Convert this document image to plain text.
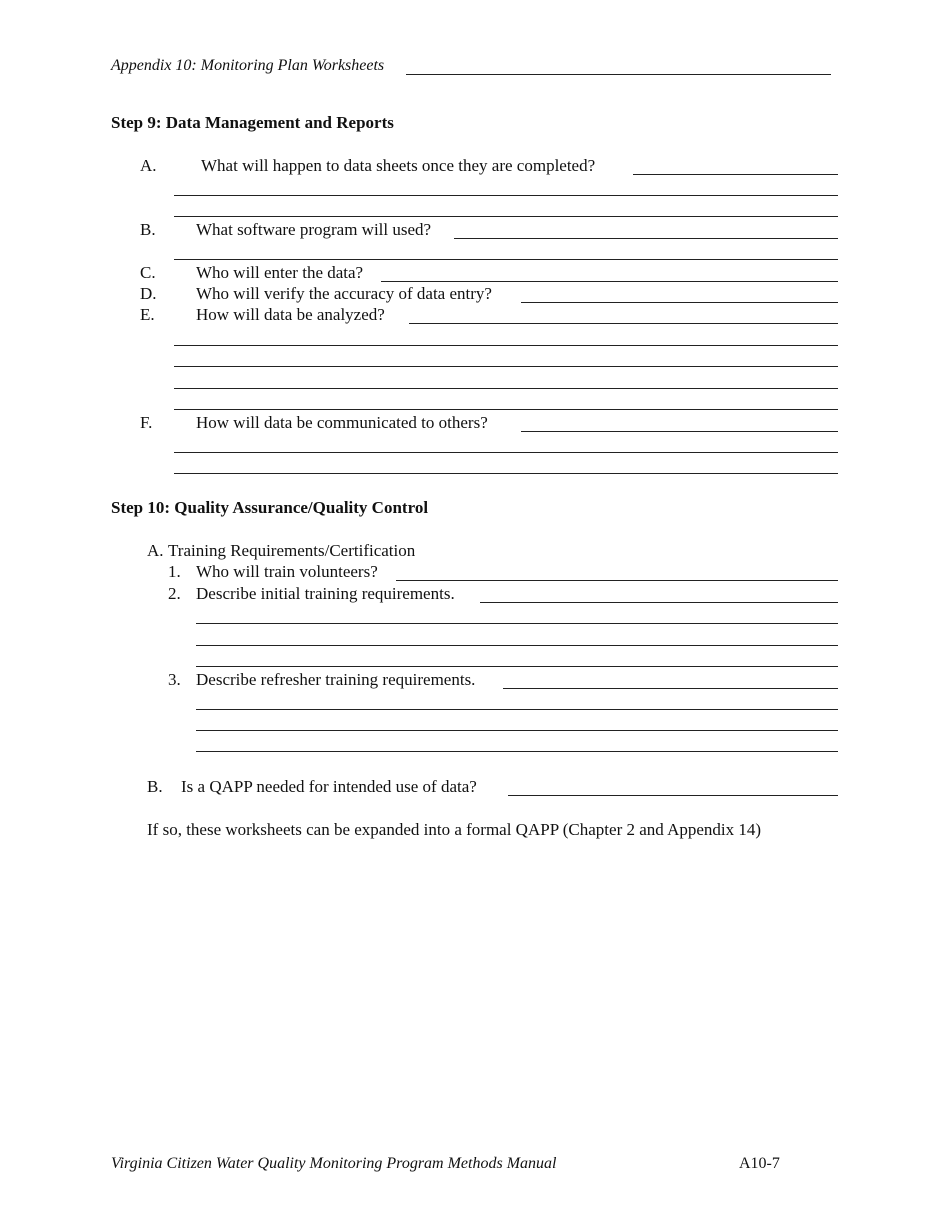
Appendix 10: Monitoring Plan Worksheets
Step 9: Data Management and Reports
A.	What will happen to data sheets once they are completed?
B. What software program will used?
C. Who will enter the data?
D. Who will verify the accuracy of data entry?
E. How will data be analyzed?
F.	How will data be communicated to others?
Step 10: Quality Assurance/Quality Control
A. Training Requirements/Certification
1. Who will train volunteers?
2. Describe initial training requirements.
3. Describe refresher training requirements.
B. Is a QAPP needed for intended use of data?
If so, these worksheets can be expanded into a formal QAPP (Chapter 2 and Appendix 14)
Virginia Citizen Water Quality Monitoring Program Methods Manual	A10-7
